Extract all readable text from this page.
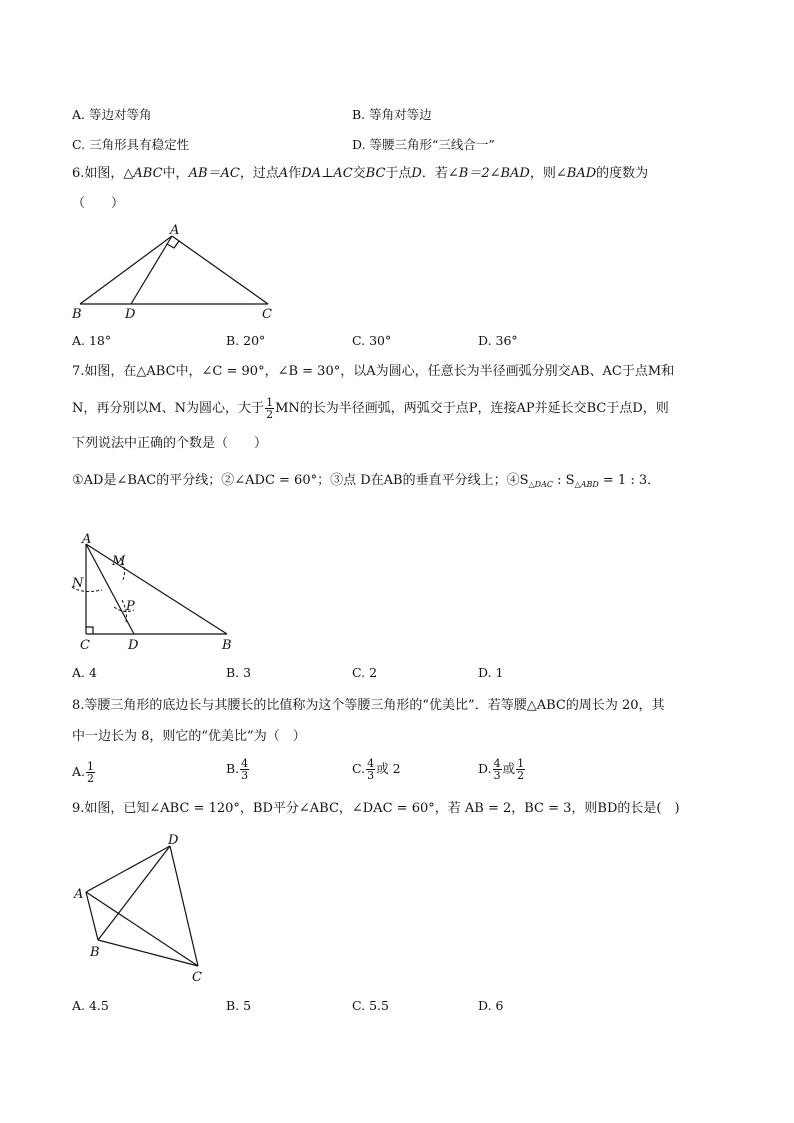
A. 等边对等角	B. 等角对等边
C. 三角形具有稳定性	D. 等腰三角形“三线合一”
6.如图，△ABC中，AB＝AC，过点A作DA⊥AC交BC于点D．若∠B＝2∠BAD，则∠BAD的度数为
（　　）
A
B	D	C
A. 18°	B. 20°	C. 30°	D. 36°
7.如图，在△ABC中，∠C = 90°，∠B = 30°，以A为圆心，任意长为半径画弧分别交AB、AC于点M和
N，再分别以M、N为圆心，大于 $\frac{1}{2}$ MN的长为半径画弧，两弧交于点P，连接AP并延长交BC于点D，则
下列说法中正确的个数是（　　）
①AD是∠BAC的平分线；②∠ADC = 60°；③点 D在AB的垂直平分线上；$④S_{\triangle DAC}$ : $S_{\triangle ABD} = 1$ : 3．
A
M
N
P
C	D	B
A. 4	B. 3	C. 2	D. 1
8.等腰三角形的底边长与其腰长的比值称为这个等腰三角形的“优美比”．若等腰△ABC的周长为 20，其
中一边长为 8，则它的“优美比”为（　）
A. $\frac{1}{2}$	B. $\frac{4}{3}$	C. $\frac{4}{3}$ 或 2	D. $\frac{4}{3}$ 或 $\frac{1}{2}$
9.如图，已知∠ABC = 120°，BD平分∠ABC，∠DAC = 60°，若 AB = 2，BC = 3，则BD的长是(　)
D
A
B
C
A. 4.5	B. 5	C. 5.5	D. 6
